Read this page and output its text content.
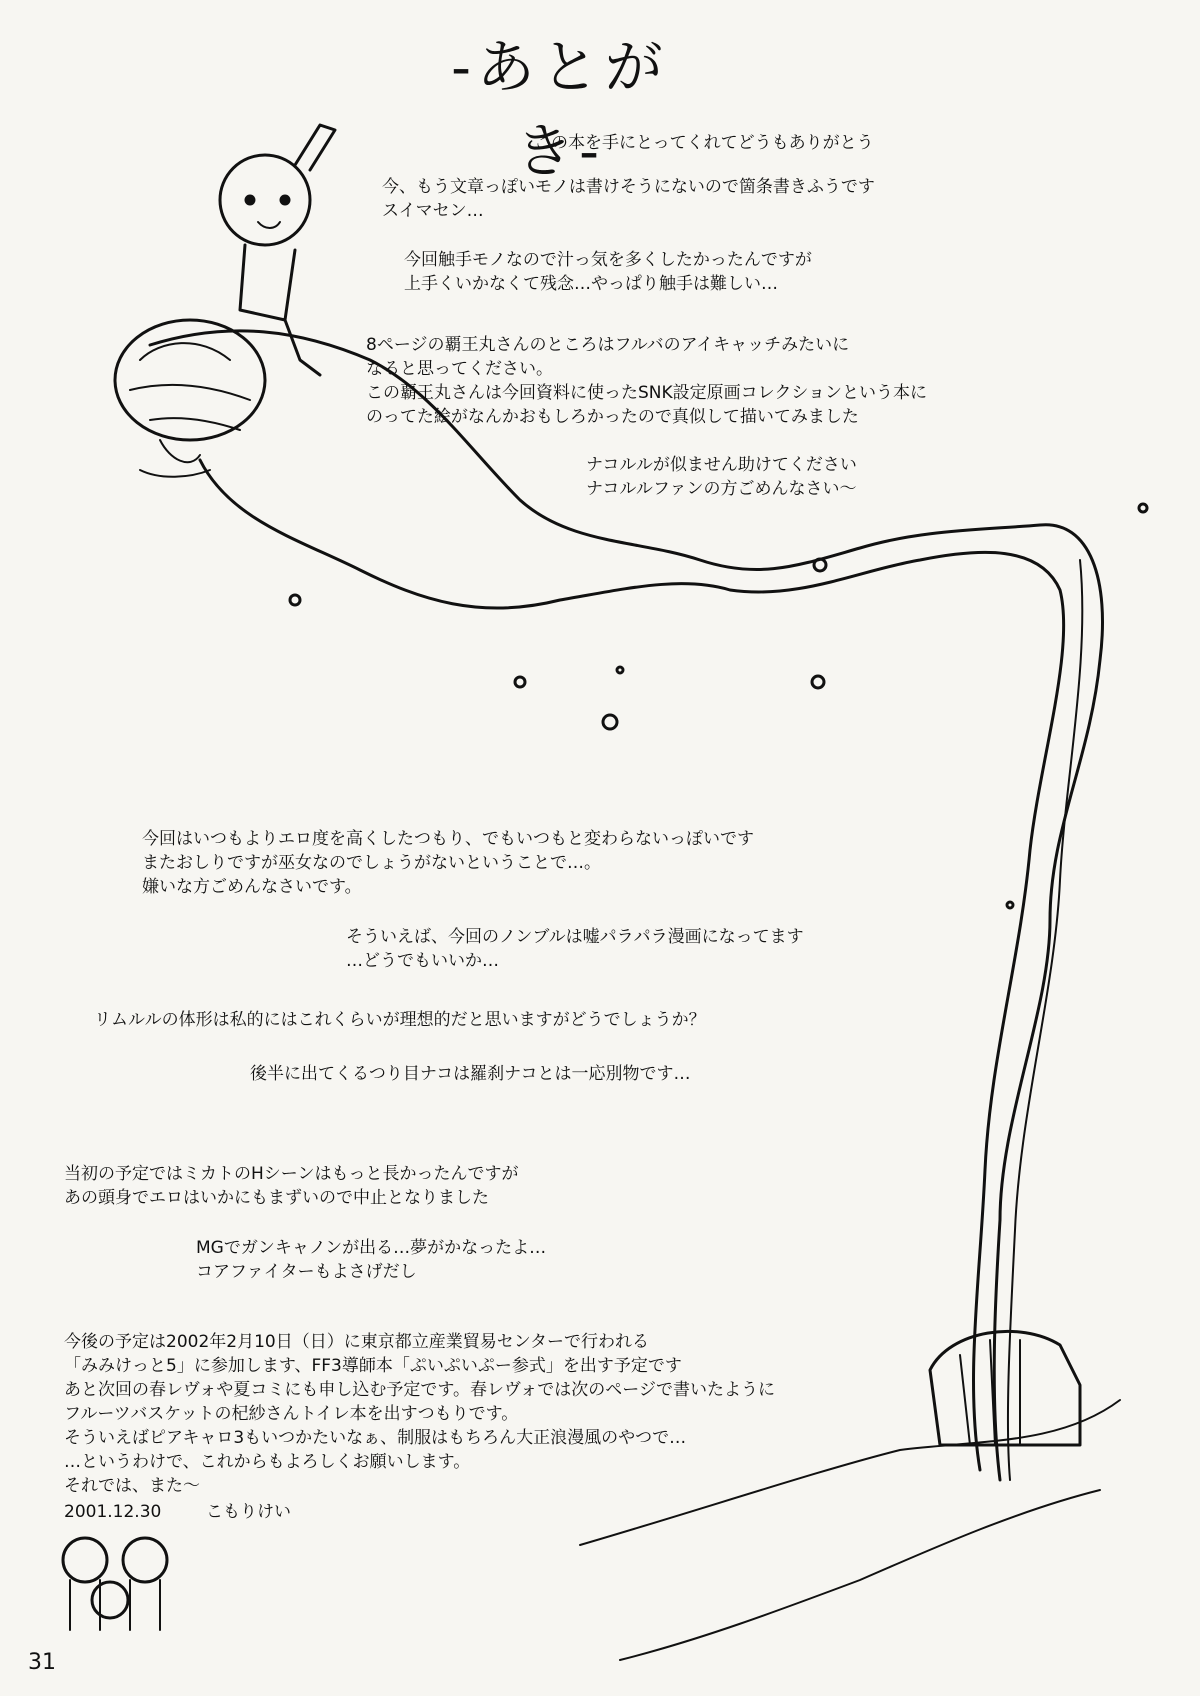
-あとがき-
この本を手にとってくれてどうもありがとう
今、もう文章っぽいモノは書けそうにないので箇条書きふうです
スイマセン…
今回触手モノなので汁っ気を多くしたかったんですが
上手くいかなくて残念…やっぱり触手は難しい…
8ページの覇王丸さんのところはフルバのアイキャッチみたいに
なると思ってください。
この覇王丸さんは今回資料に使ったSNK設定原画コレクションという本に
のってた絵がなんかおもしろかったので真似して描いてみました
ナコルルが似ません助けてください
ナコルルファンの方ごめんなさい～
今回はいつもよりエロ度を高くしたつもり、でもいつもと変わらないっぽいです
またおしりですが巫女なのでしょうがないということで…。
嫌いな方ごめんなさいです。
そういえば、今回のノンブルは嘘パラパラ漫画になってます
…どうでもいいか…
リムルルの体形は私的にはこれくらいが理想的だと思いますがどうでしょうか？
後半に出てくるつり目ナコは羅刹ナコとは一応別物です…
当初の予定ではミカトのHシーンはもっと長かったんですが
あの頭身でエロはいかにもまずいので中止となりました
MGでガンキャノンが出る…夢がかなったよ…
コアファイターもよさげだし
今後の予定は2002年2月10日（日）に東京都立産業貿易センターで行われる
「みみけっと5」に参加します、FF3導師本「ぷいぷいぷー参式」を出す予定です
あと次回の春レヴォや夏コミにも申し込む予定です。春レヴォでは次のページで書いたように
フルーツバスケットの杞紗さんトイレ本を出すつもりです。
そういえばピアキャロ3もいつかたいなぁ、制服はもちろん大正浪漫風のやつで…
…というわけで、これからもよろしくお願いします。
それでは、また～
2001.12.30	こもりけい
31
